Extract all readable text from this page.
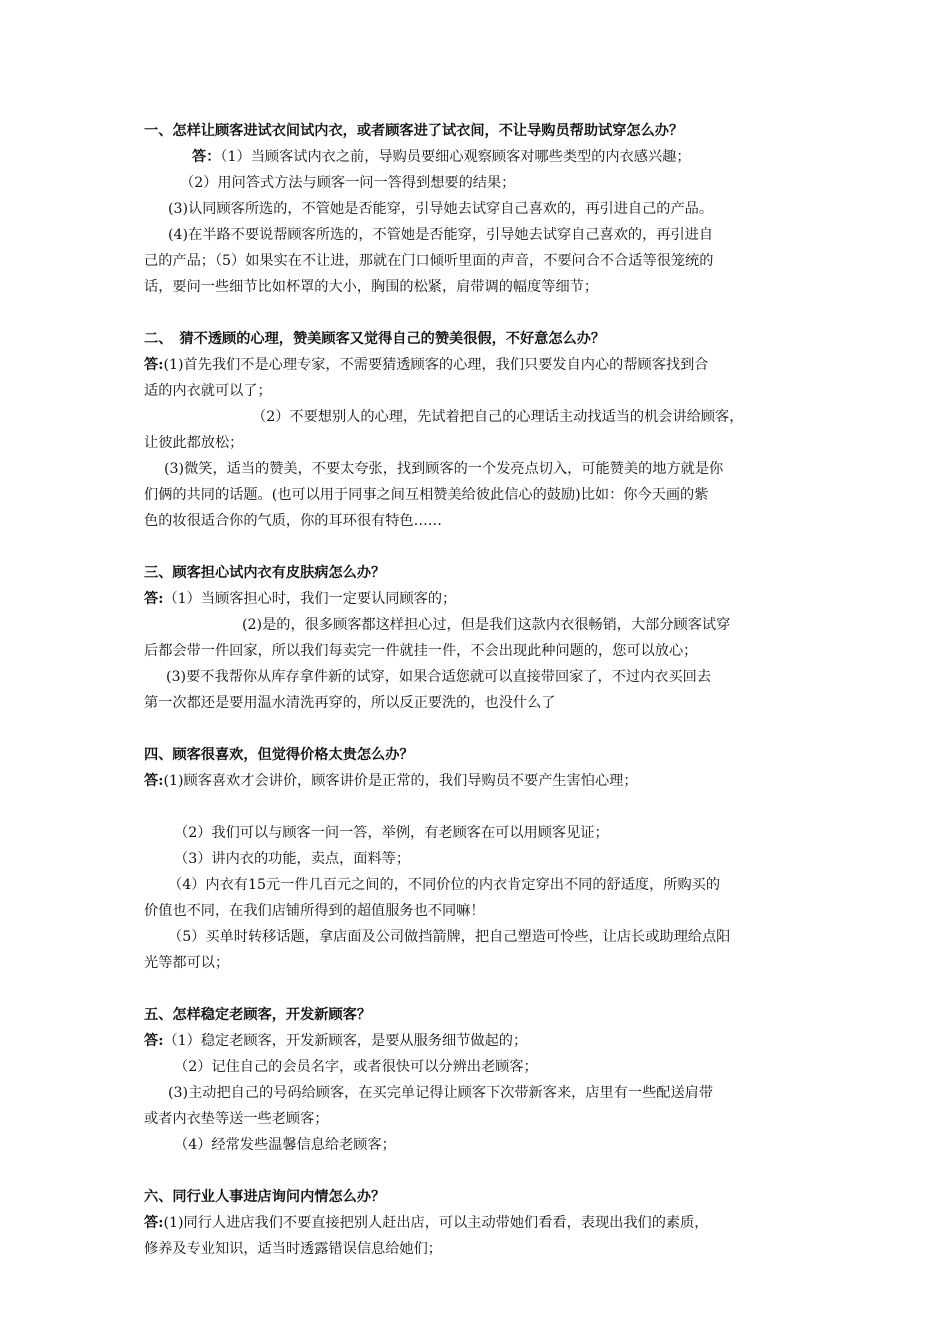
一、怎样让顾客进试衣间试内衣，或者顾客进了试衣间，不让导购员帮助试穿怎么办？
答：（1）当顾客试内衣之前，导购员要细心观察顾客对哪些类型的内衣感兴趣；
（2）用问答式方法与顾客一问一答得到想要的结果；
(3)认同顾客所选的，不管她是否能穿，引导她去试穿自己喜欢的，再引进自己的产品。
(4)在半路不要说帮顾客所选的，不管她是否能穿，引导她去试穿自己喜欢的，再引进自
己的产品；（5）如果实在不让进，那就在门口倾听里面的声音，不要问合不合适等很笼统的
话，要问一些细节比如杯罩的大小，胸围的松紧，肩带调的幅度等细节；
二、　猜不透顾的心理，赞美顾客又觉得自己的赞美很假，不好意怎么办？
答:(1)首先我们不是心理专家，不需要猜透顾客的心理，我们只要发自内心的帮顾客找到合
适的内衣就可以了；
（2）不要想别人的心理，先试着把自己的心理话主动找适当的机会讲给顾客，
让彼此都放松；
(3)微笑，适当的赞美，不要太夸张，找到顾客的一个发亮点切入，可能赞美的地方就是你
们俩的共同的话题。(也可以用于同事之间互相赞美给彼此信心的鼓励)比如：你今天画的紫
色的妆很适合你的气质，你的耳环很有特色……
三、顾客担心试内衣有皮肤病怎么办？
答:（1）当顾客担心时，我们一定要认同顾客的；
(2)是的，很多顾客都这样担心过，但是我们这款内衣很畅销，大部分顾客试穿
后都会带一件回家，所以我们每卖完一件就挂一件，不会出现此种问题的，您可以放心；
(3)要不我帮你从库存拿件新的试穿，如果合适您就可以直接带回家了，不过内衣买回去
第一次都还是要用温水清洗再穿的，所以反正要洗的，也没什么了
四、顾客很喜欢，但觉得价格太贵怎么办？
答:(1)顾客喜欢才会讲价，顾客讲价是正常的，我们导购员不要产生害怕心理；
（2）我们可以与顾客一问一答，举例，有老顾客在可以用顾客见证；
（3）讲内衣的功能，卖点，面料等；
（4）内衣有15元一件几百元之间的，不同价位的内衣肯定穿出不同的舒适度，所购买的
价值也不同，在我们店铺所得到的超值服务也不同嘛！
（5）买单时转移话题，拿店面及公司做挡箭牌，把自己塑造可怜些，让店长或助理给点阳
光等都可以；
五、怎样稳定老顾客，开发新顾客？
答:（1）稳定老顾客，开发新顾客，是要从服务细节做起的；
（2）记住自己的会员名字，或者很快可以分辨出老顾客；
(3)主动把自己的号码给顾客，在买完单记得让顾客下次带新客来，店里有一些配送肩带
或者内衣垫等送一些老顾客；
（4）经常发些温馨信息给老顾客；
六、同行业人事进店询问内情怎么办？
答:(1)同行人进店我们不要直接把别人赶出店，可以主动带她们看看，表现出我们的素质，
修养及专业知识，适当时透露错误信息给她们；
